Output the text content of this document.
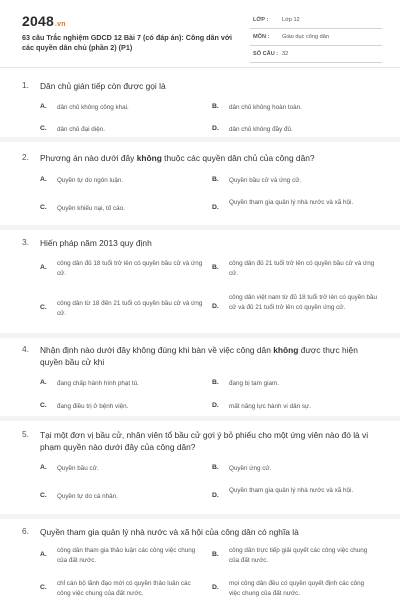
2048.vn
63 câu Trắc nghiệm GDCD 12 Bài 7 (có đáp án): Công dân với các quyền dân chủ (phần 2) (P1)
LỚP : Lớp 12
MÔN : Giáo dục công dân
SỐ CÂU : 32
1. Dân chủ gián tiếp còn được gọi là
A. dân chủ không công khai.	B. dân chủ không hoàn toàn.
C. dân chủ đại diện.	D. dân chủ không đầy đủ.
2. Phương án nào dưới đây không thuộc các quyền dân chủ của công dân?
A. Quyền tự do ngôn luận.	B. Quyền bầu cử và ứng cử.
C. Quyền khiếu nại, tố cáo.	D.
Quyền tham gia quản lý nhà nước và xã hội.
3. Hiến pháp năm 2013 quy định
A.
công dân đủ 18 tuổi trở lên có quyền bầu cử và ứng cử.
B.
công dân đủ 21 tuổi trở lên có quyền bầu cử và ứng cử.
C.
công dân từ 18 đến 21 tuổi có quyền bầu cử và ứng cử.
D.
công dân việt nam từ đủ 18 tuổi trở lên có quyền bầu cử và đủ 21 tuổi trở lên có quyền ứng cử.
4. Nhận định nào dưới đây không đúng khi bàn về việc công dân không được thực hiện quyền bầu cử khi
A. đang chấp hành hình phạt tù.	B. đang bị tạm giam.
C. đang điều trị ở bệnh viện.	D. mất năng lực hành vi dân sự.
5. Tại một đơn vị bầu cử, nhân viên tổ bầu cử gợi ý bỏ phiếu cho một ứng viên nào đó là vi phạm quyền nào dưới đây của công dân?
A. Quyền bầu cử.	B. Quyền ứng cử.
C. Quyền tự do cá nhân.	D.
Quyền tham gia quản lý nhà nước và xã hội.
6. Quyền tham gia quản lý nhà nước và xã hội của công dân có nghĩa là
A.
công dân tham gia thảo luận các công việc chung của đất nước.
B.
công dân trực tiếp giải quyết các công việc chung của đất nước.
C.
chỉ cán bộ lãnh đạo mới có quyền thảo luận các công việc chung của đất nước.
D.
mọi công dân đều có quyền quyết định các công việc chung của đất nước.
